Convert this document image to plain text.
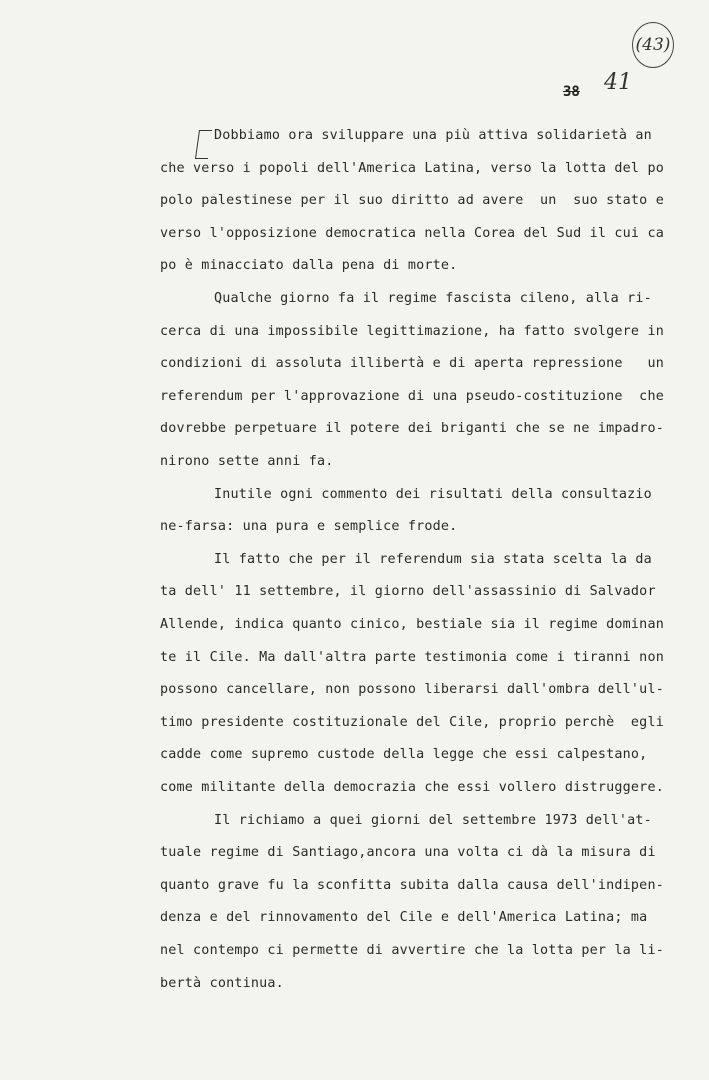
(43)
38 41
Dobbiamo ora sviluppare una più attiva solidarietà an
che verso i popoli dell'America Latina, verso la lotta del po
polo palestinese per il suo diritto ad avere  un  suo stato e
verso l'opposizione democratica nella Corea del Sud il cui ca
po è minacciato dalla pena di morte.
Qualche giorno fa il regime fascista cileno, alla ri-
cerca di una impossibile legittimazione, ha fatto svolgere in
condizioni di assoluta illibertà e di aperta repressione   un
referendum per l'approvazione di una pseudo-costituzione  che
dovrebbe perpetuare il potere dei briganti che se ne impadro-
nirono sette anni fa.
Inutile ogni commento dei risultati della consultazio
ne-farsa: una pura e semplice frode.
Il fatto che per il referendum sia stata scelta la da
ta dell' 11 settembre, il giorno dell'assassinio di Salvador
Allende, indica quanto cinico, bestiale sia il regime dominan
te il Cile. Ma dall'altra parte testimonia come i tiranni non
possono cancellare, non possono liberarsi dall'ombra dell'ul-
timo presidente costituzionale del Cile, proprio perchè  egli
cadde come supremo custode della legge che essi calpestano,
come militante della democrazia che essi vollero distruggere.
Il richiamo a quei giorni del settembre 1973 dell'at-
tuale regime di Santiago,ancora una volta ci dà la misura di
quanto grave fu la sconfitta subita dalla causa dell'indipen-
denza e del rinnovamento del Cile e dell'America Latina; ma
nel contempo ci permette di avvertire che la lotta per la li-
bertà continua.
